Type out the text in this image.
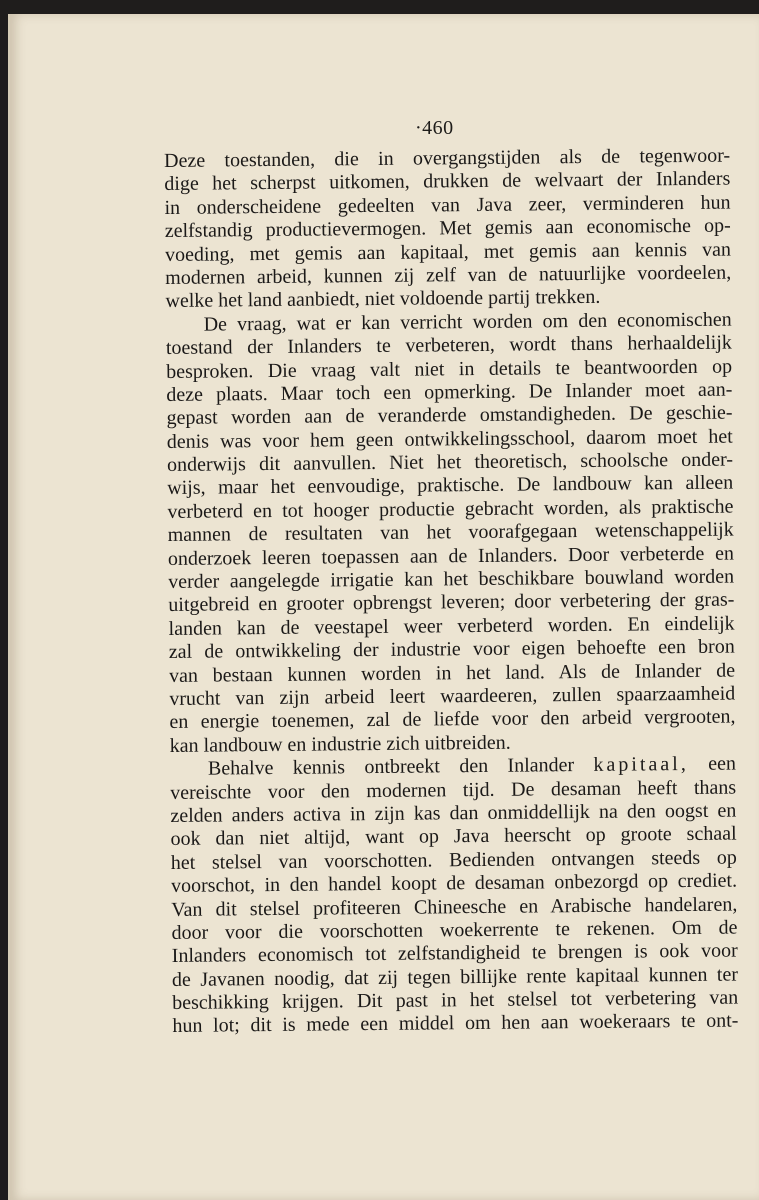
·460
Deze toestanden, die in overgangstijden als de tegenwoor-
dige het scherpst uitkomen, drukken de welvaart der Inlanders
in onderscheidene gedeelten van Java zeer, verminderen hun
zelfstandig productievermogen. Met gemis aan economische op-
voeding, met gemis aan kapitaal, met gemis aan kennis van
modernen arbeid, kunnen zij zelf van de natuurlijke voordeelen,
welke het land aanbiedt, niet voldoende partij trekken.
De vraag, wat er kan verricht worden om den economischen
toestand der Inlanders te verbeteren, wordt thans herhaaldelijk
besproken. Die vraag valt niet in details te beantwoorden op
deze plaats. Maar toch een opmerking. De Inlander moet aan-
gepast worden aan de veranderde omstandigheden. De geschie-
denis was voor hem geen ontwikkelingsschool, daarom moet het
onderwijs dit aanvullen. Niet het theoretisch, schoolsche onder-
wijs, maar het eenvoudige, praktische. De landbouw kan alleen
verbeterd en tot hooger productie gebracht worden, als praktische
mannen de resultaten van het voorafgegaan wetenschappelijk
onderzoek leeren toepassen aan de Inlanders. Door verbeterde en
verder aangelegde irrigatie kan het beschikbare bouwland worden
uitgebreid en grooter opbrengst leveren; door verbetering der gras-
landen kan de veestapel weer verbeterd worden. En eindelijk
zal de ontwikkeling der industrie voor eigen behoefte een bron
van bestaan kunnen worden in het land. Als de Inlander de
vrucht van zijn arbeid leert waardeeren, zullen spaarzaamheid
en energie toenemen, zal de liefde voor den arbeid vergrooten,
kan landbouw en industrie zich uitbreiden.
Behalve kennis ontbreekt den Inlander kapitaal, een
vereischte voor den modernen tijd. De desaman heeft thans
zelden anders activa in zijn kas dan onmiddellijk na den oogst en
ook dan niet altijd, want op Java heerscht op groote schaal
het stelsel van voorschotten. Bedienden ontvangen steeds op
voorschot, in den handel koopt de desaman onbezorgd op crediet.
Van dit stelsel profiteeren Chineesche en Arabische handelaren,
door voor die voorschotten woekerrente te rekenen. Om de
Inlanders economisch tot zelfstandigheid te brengen is ook voor
de Javanen noodig, dat zij tegen billijke rente kapitaal kunnen ter
beschikking krijgen. Dit past in het stelsel tot verbetering van
hun lot; dit is mede een middel om hen aan woekeraars te ont-
